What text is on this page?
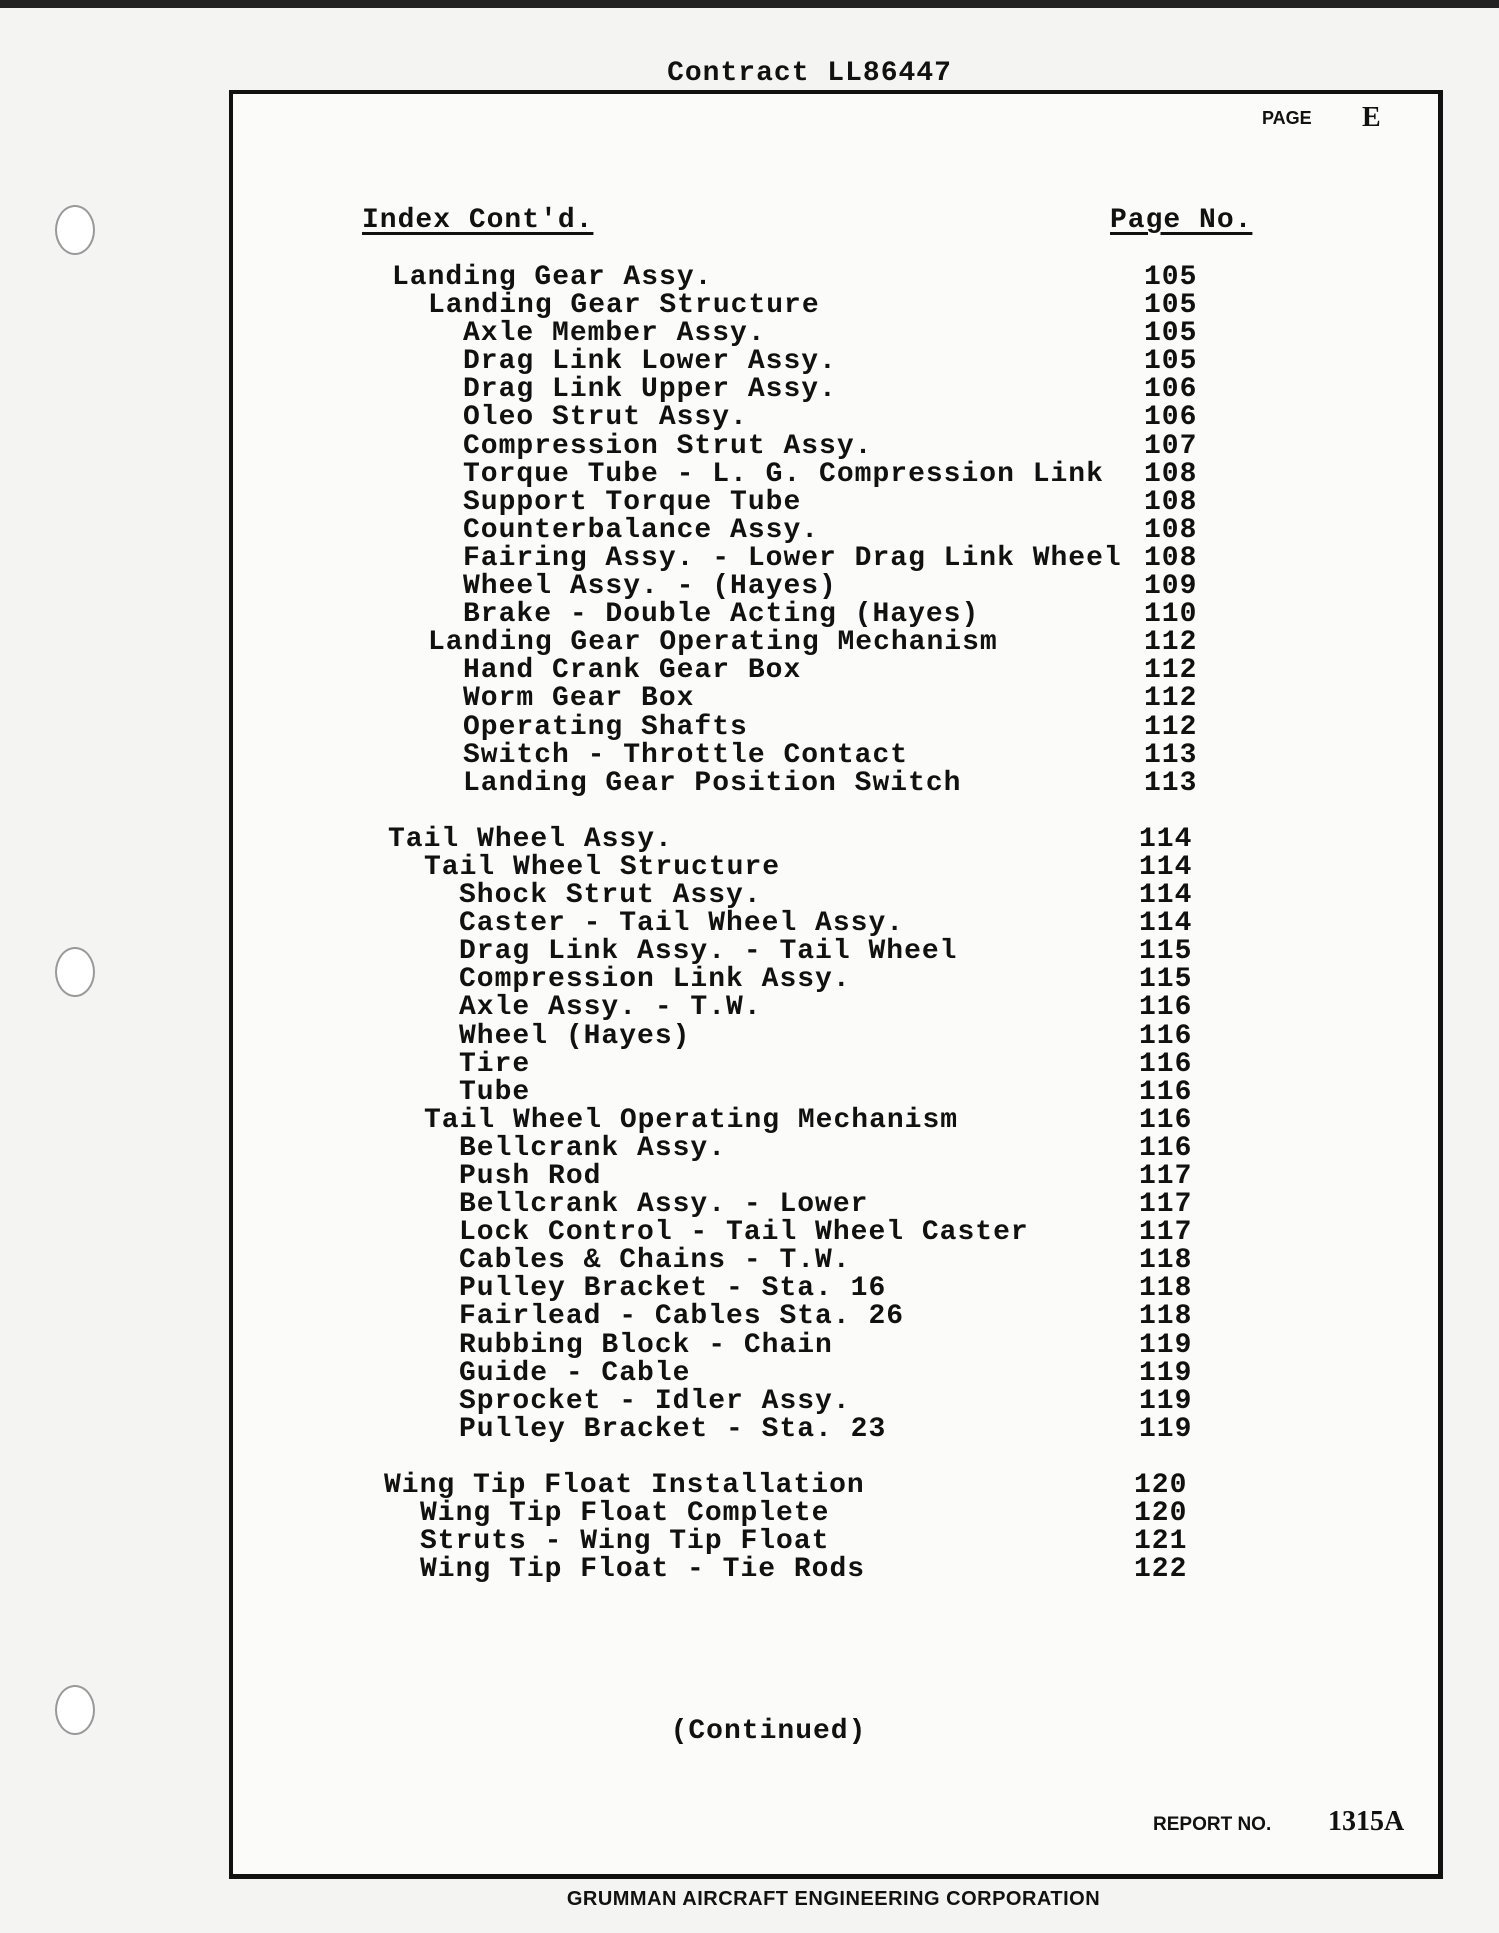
Contract LL86447
PAGE E
Index Cont'd.	Page No.
Landing Gear Assy.	105
Landing Gear Structure	105
Axle Member Assy.	105
Drag Link Lower Assy.	105
Drag Link Upper Assy.	106
Oleo Strut Assy.	106
Compression Strut Assy.	107
Torque Tube - L. G. Compression Link 108
Support Torque Tube	108
Counterbalance Assy.	108
Fairing Assy. - Lower Drag Link Wheel 108
Wheel Assy. - (Hayes)	109
Brake - Double Acting (Hayes)	110
Landing Gear Operating Mechanism	112
Hand Crank Gear Box	112
Worm Gear Box	112
Operating Shafts	112
Switch - Throttle Contact	113
Landing Gear Position Switch	113
Tail Wheel Assy.	114
Tail Wheel Structure	114
Shock Strut Assy.	114
Caster - Tail Wheel Assy.	114
Drag Link Assy. - Tail Wheel	115
Compression Link Assy.	115
Axle Assy. - T.W.	116
Wheel (Hayes)	116
Tire	116
Tube	116
Tail Wheel Operating Mechanism	116
Bellcrank Assy.	116
Push Rod	117
Bellcrank Assy. - Lower	117
Lock Control - Tail Wheel Caster	117
Cables & Chains - T.W.	118
Pulley Bracket - Sta. 16	118
Fairlead - Cables Sta. 26	118
Rubbing Block - Chain	119
Guide - Cable	119
Sprocket - Idler Assy.	119
Pulley Bracket - Sta. 23	119
Wing Tip Float Installation	120
Wing Tip Float Complete	120
Struts - Wing Tip Float	121
Wing Tip Float - Tie Rods	122
(Continued)
REPORT NO. 1315A
GRUMMAN AIRCRAFT ENGINEERING CORPORATION
